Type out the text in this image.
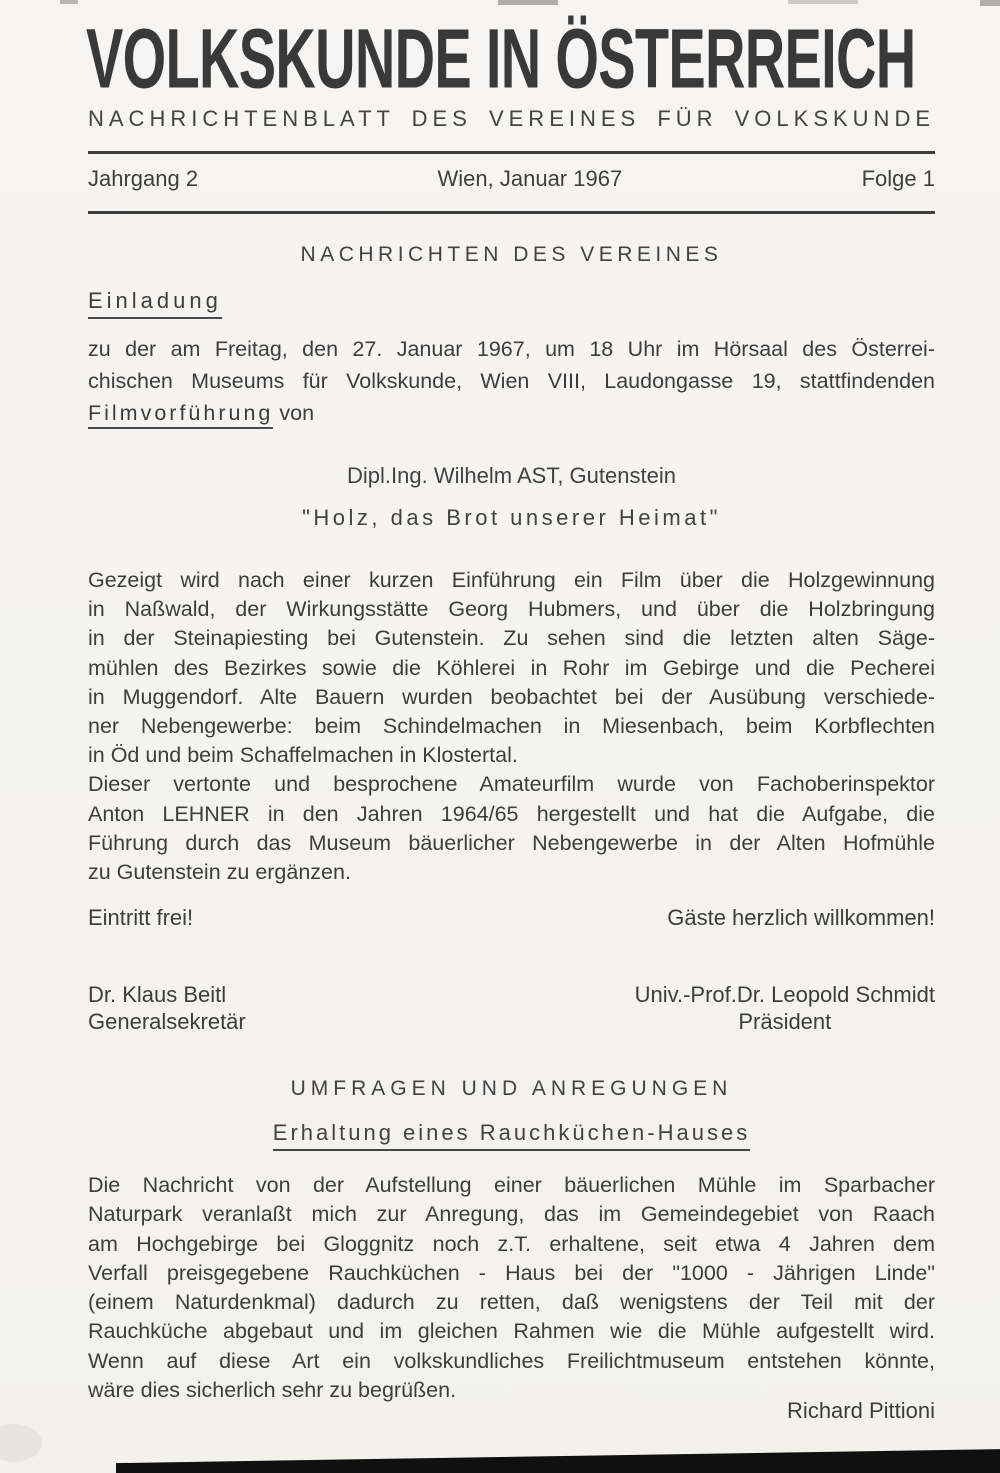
VOLKSKUNDE IN ÖSTERREICH
NACHRICHTENBLATT DES VEREINES FÜR VOLKSKUNDE
Jahrgang 2	Wien, Januar 1967	Folge 1
NACHRICHTEN DES VEREINES
Einladung
zu der am Freitag, den 27. Januar 1967, um 18 Uhr im Hörsaal des Österrei-
chischen Museums für Volkskunde, Wien VIII, Laudongasse 19, stattfindenden
Filmvorführung von
Dipl.Ing. Wilhelm AST, Gutenstein
"Holz, das Brot unserer Heimat"
Gezeigt wird nach einer kurzen Einführung ein Film über die Holzgewinnung
in Naßwald, der Wirkungsstätte Georg Hubmers, und über die Holzbringung
in der Steinapiesting bei Gutenstein. Zu sehen sind die letzten alten Säge-
mühlen des Bezirkes sowie die Köhlerei in Rohr im Gebirge und die Pecherei
in Muggendorf. Alte Bauern wurden beobachtet bei der Ausübung verschiede-
ner Nebengewerbe: beim Schindelmachen in Miesenbach, beim Korbflechten
in Öd und beim Schaffelmachen in Klostertal.
Dieser vertonte und besprochene Amateurfilm wurde von Fachoberinspektor
Anton LEHNER in den Jahren 1964/65 hergestellt und hat die Aufgabe, die
Führung durch das Museum bäuerlicher Nebengewerbe in der Alten Hofmühle
zu Gutenstein zu ergänzen.
Eintritt frei!	Gäste herzlich willkommen!
Dr. Klaus Beitl
Generalsekretär
Univ.-Prof.Dr. Leopold Schmidt
Präsident
UMFRAGEN UND ANREGUNGEN
Erhaltung eines Rauchküchen-Hauses
Die Nachricht von der Aufstellung einer bäuerlichen Mühle im Sparbacher
Naturpark veranlaßt mich zur Anregung, das im Gemeindegebiet von Raach
am Hochgebirge bei Gloggnitz noch z.T. erhaltene, seit etwa 4 Jahren dem
Verfall preisgegebene Rauchküchen - Haus bei der "1000 - Jährigen Linde"
(einem Naturdenkmal) dadurch zu retten, daß wenigstens der Teil mit der
Rauchküche abgebaut und im gleichen Rahmen wie die Mühle aufgestellt wird.
Wenn auf diese Art ein volkskundliches Freilichtmuseum entstehen könnte,
wäre dies sicherlich sehr zu begrüßen.
Richard Pittioni
